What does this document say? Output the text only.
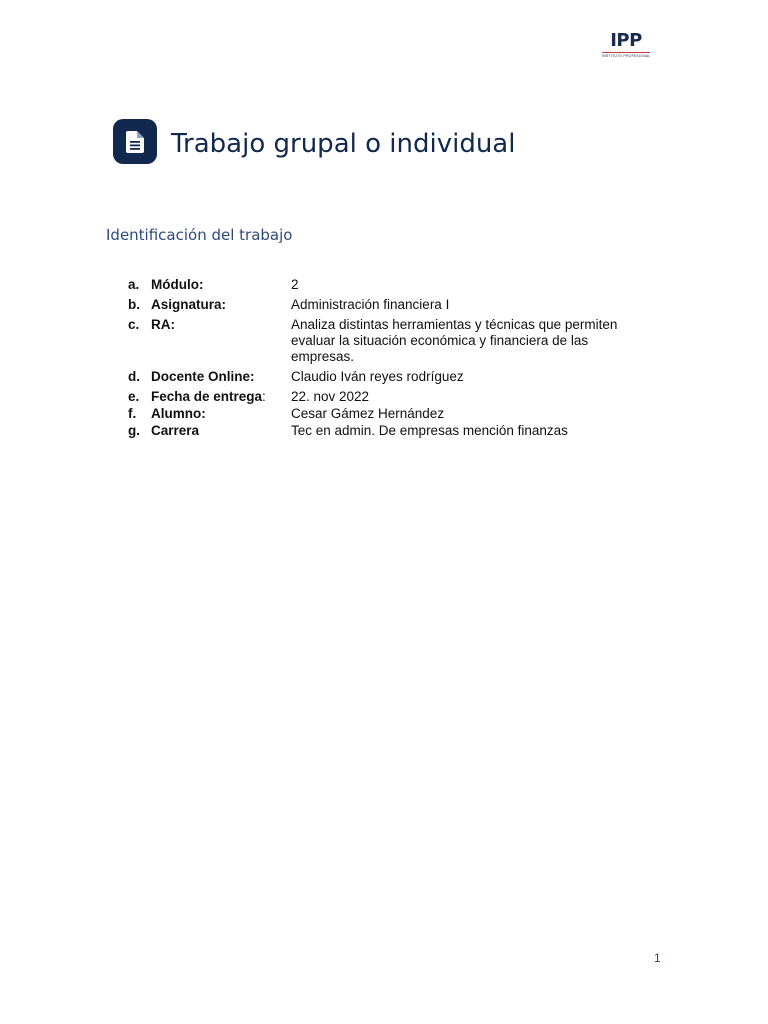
IPP
INSTITUTO PROFESIONAL
Trabajo grupal o individual
Identificación del trabajo
a. Módulo:	2
b. Asignatura:	Administración financiera I
c. RA:	Analiza distintas herramientas y técnicas que permiten evaluar la situación económica y financiera de las empresas.
d. Docente Online:	Claudio Iván reyes rodríguez
e. Fecha de entrega:	22. nov 2022
f.	Alumno:	Cesar Gámez Hernández
g. Carrera	Tec en admin. De empresas mención finanzas
1
